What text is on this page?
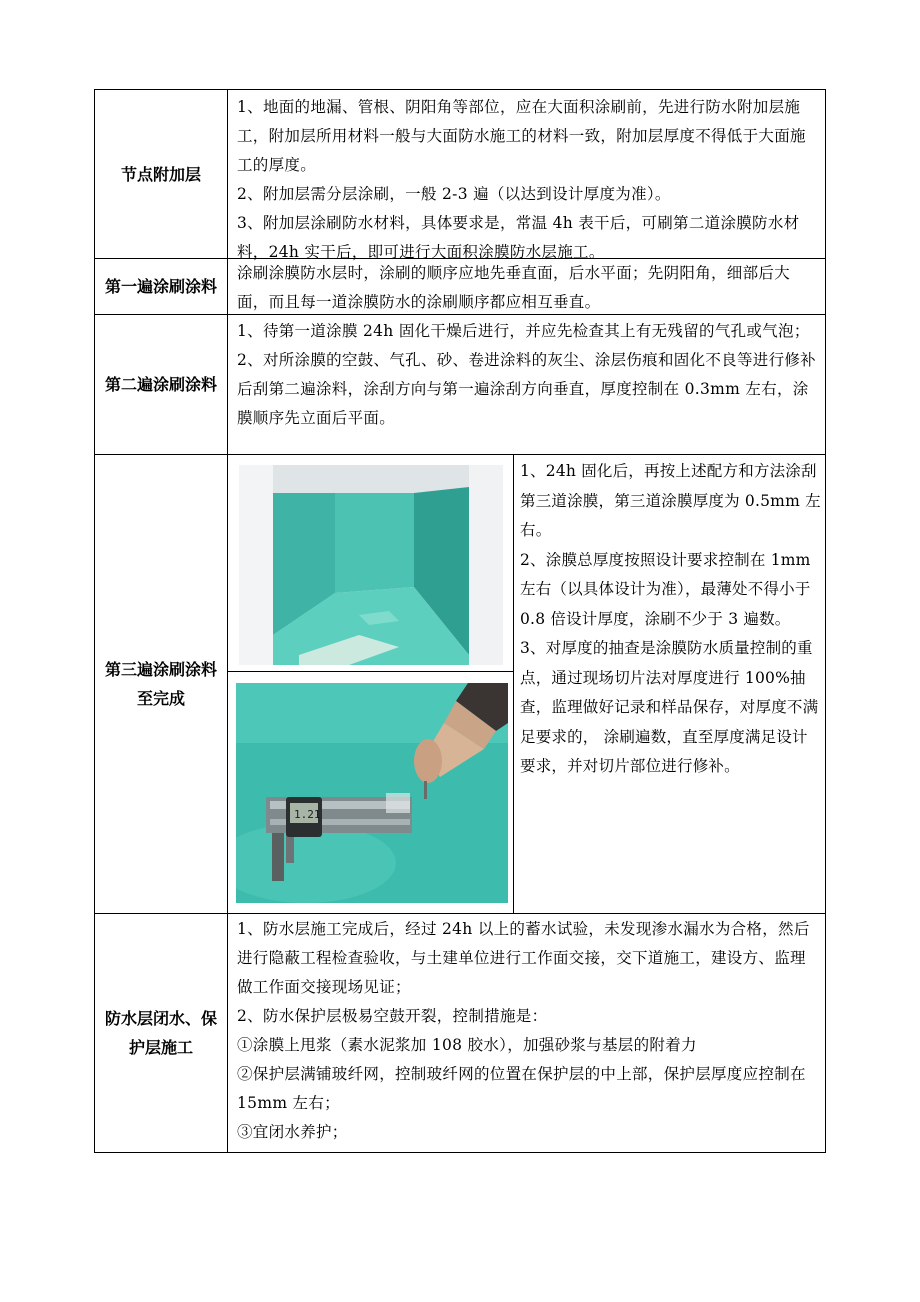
节点附加层

1、地面的地漏、管根、阴阳角等部位，应在大面积涂刷前，先进行防水附加层施工，附加层所用材料一般与大面防水施工的材料一致，附加层厚度不得低于大面施工的厚度。

2、附加层需分层涂刷，一般 2-3 遍（以达到设计厚度为准）。

3、附加层涂刷防水材料，具体要求是，常温 4h 表干后，可刷第二道涂膜防水材料，24h 实干后，即可进行大面积涂膜防水层施工。

第一遍涂刷涂料

涂刷涂膜防水层时，涂刷的顺序应地先垂直面，后水平面；先阴阳角，细部后大面，而且每一道涂膜防水的涂刷顺序都应相互垂直。

第二遍涂刷涂料

1、待第一道涂膜 24h 固化干燥后进行，并应先检查其上有无残留的气孔或气泡；

2、对所涂膜的空鼓、气孔、砂、卷进涂料的灰尘、涂层伤痕和固化不良等进行修补后刮第二遍涂料，涂刮方向与第一遍涂刮方向垂直，厚度控制在 0.3mm 左右，涂膜顺序先立面后平面。

第三遍涂刷涂料至完成
1.21

1、24h 固化后，再按上述配方和方法涂刮第三道涂膜，第三道涂膜厚度为 0.5mm 左右。

2、涂膜总厚度按照设计要求控制在 1mm 左右（以具体设计为准），最薄处不得小于 0.8 倍设计厚度，涂刷不少于 3 遍数。

3、对厚度的抽查是涂膜防水质量控制的重点，通过现场切片法对厚度进行 100%抽查，监理做好记录和样品保存，对厚度不满足要求的， 涂刷遍数，直至厚度满足设计要求，并对切片部位进行修补。

防水层闭水、保护层施工

1、防水层施工完成后，经过 24h 以上的蓄水试验，未发现渗水漏水为合格，然后进行隐蔽工程检查验收，与土建单位进行工作面交接，交下道施工，建设方、监理做工作面交接现场见证；

2、防水保护层极易空鼓开裂，控制措施是：

①涂膜上甩浆（素水泥浆加 108 胶水），加强砂浆与基层的附着力

②保护层满铺玻纤网，控制玻纤网的位置在保护层的中上部，保护层厚度应控制在 15mm 左右；

③宜闭水养护；
